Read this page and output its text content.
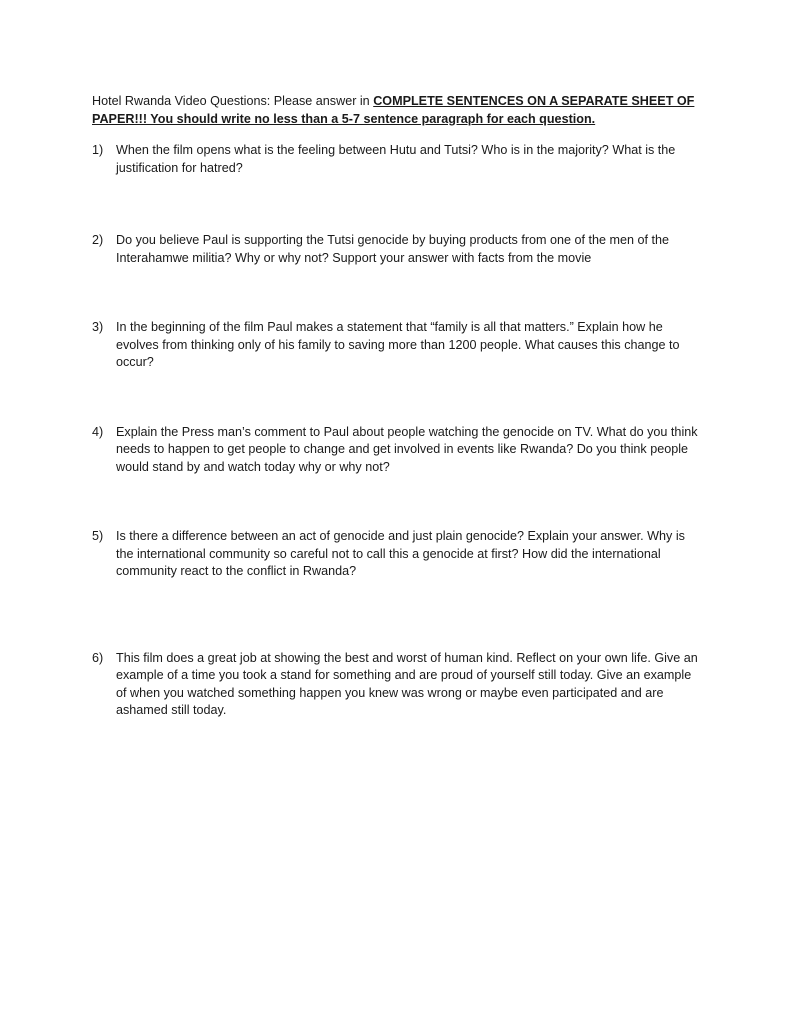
Hotel Rwanda Video Questions: Please answer in COMPLETE SENTENCES ON A SEPARATE SHEET OF PAPER!!! You should write no less than a 5-7 sentence paragraph for each question.

1) When the film opens what is the feeling between Hutu and Tutsi? Who is in the majority? What is the justification for hatred?
2) Do you believe Paul is supporting the Tutsi genocide by buying products from one of the men of the Interahamwe militia? Why or why not? Support your answer with facts from the movie
3) In the beginning of the film Paul makes a statement that “family is all that matters.” Explain how he evolves from thinking only of his family to saving more than 1200 people. What causes this change to occur?
4) Explain the Press man’s comment to Paul about people watching the genocide on TV. What do you think needs to happen to get people to change and get involved in events like Rwanda? Do you think people would stand by and watch today why or why not?
5) Is there a difference between an act of genocide and just plain genocide? Explain your answer. Why is the international community so careful not to call this a genocide at first? How did the international community react to the conflict in Rwanda?
6) This film does a great job at showing the best and worst of human kind. Reflect on your own life. Give an example of a time you took a stand for something and are proud of yourself still today. Give an example of when you watched something happen you knew was wrong or maybe even participated and are ashamed still today.
